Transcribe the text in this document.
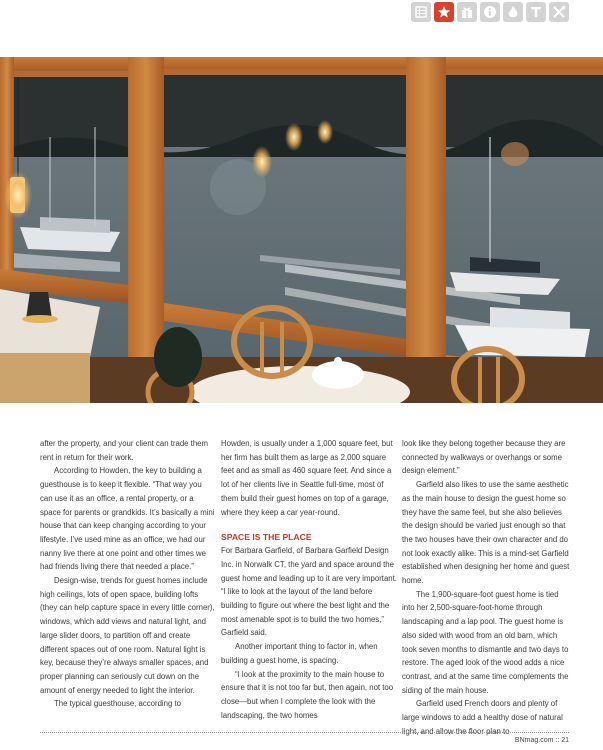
after the property, and your client can trade them rent in return for their work.

According to Howden, the key to building a guesthouse is to keep it flexible. “That way you can use it as an office, a rental property, or a space for parents or grandkids. It’s basically a mini house that can keep changing according to your lifestyle. I’ve used mine as an office, we had our nanny live there at one point and other times we had friends living there that needed a place.”

Design-wise, trends for guest homes include high ceilings, lots of open space, building lofts (they can help capture space in every little corner), windows, which add views and natural light, and large slider doors, to partition off and create different spaces out of one room. Natural light is key, because they’re always smaller spaces, and proper planning can seriously cut down on the amount of energy needed to light the interior.

The typical guesthouse, according to

Howden, is usually under a 1,000 square feet, but her firm has built them as large as 2,000 square feet and as small as 460 square feet. And since a lot of her clients live in Seattle full-time, most of them build their guest homes on top of a garage, where they keep a car year-round.

SPACE IS THE PLACE

For Barbara Garfield, of Barbara Garfield Design Inc. in Norwalk CT, the yard and space around the guest home and leading up to it are very important. “I like to look at the layout of the land before building to figure out where the best light and the most amenable spot is to build the two homes,” Garfield said.

Another important thing to factor in, when building a guest home, is spacing.

“I look at the proximity to the main house to ensure that it is not too far but, then again, not too close—but when I complete the look with the landscaping, the two homes

look like they belong together because they are connected by walkways or overhangs or some design element.”

Garfield also likes to use the same aesthetic as the main house to design the guest home so they have the same feel, but she also believes the design should be varied just enough so that the two houses have their own character and do not look exactly alike. This is a mind-set Garfield established when designing her home and guest home.

The 1,900-square-foot guest home is tied into her 2,500-square-foot-home through landscaping and a lap pool. The guest home is also sided with wood from an old barn, which took seven months to dismantle and two days to restore. The aged look of the wood adds a nice contrast, and at the same time complements the siding of the main house.

Garfield used French doors and plenty of large windows to add a healthy dose of natural light, and allow the floor plan to

BNmag.com :: 21
